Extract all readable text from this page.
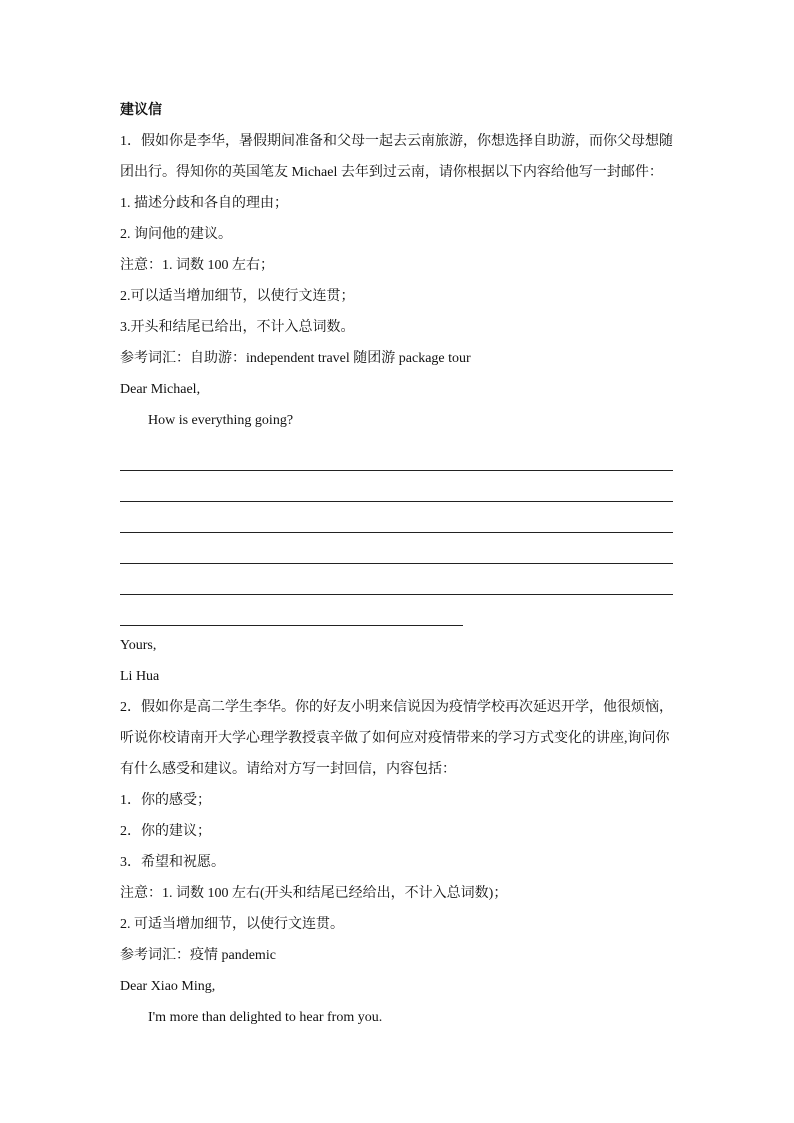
建议信
1．假如你是李华，暑假期间准备和父母一起去云南旅游，你想选择自助游，而你父母想随
团出行。得知你的英国笔友 Michael 去年到过云南，请你根据以下内容给他写一封邮件：
1. 描述分歧和各自的理由；
2. 询问他的建议。
注意：1. 词数 100 左右；
2.可以适当增加细节，以使行文连贯；
3.开头和结尾已给出，不计入总词数。
参考词汇：自助游：independent travel 随团游 package tour
Dear Michael,
How is everything going?
Yours,
Li Hua
2．假如你是高二学生李华。你的好友小明来信说因为疫情学校再次延迟开学，他很烦恼，
听说你校请南开大学心理学教授袁辛做了如何应对疫情带来的学习方式变化的讲座,询问你
有什么感受和建议。请给对方写一封回信，内容包括：
1．你的感受；
2．你的建议；
3．希望和祝愿。
注意：1. 词数 100 左右(开头和结尾已经给出，不计入总词数)；
2. 可适当增加细节，以使行文连贯。
参考词汇：疫情 pandemic
Dear Xiao Ming,
I'm more than delighted to hear from you.
